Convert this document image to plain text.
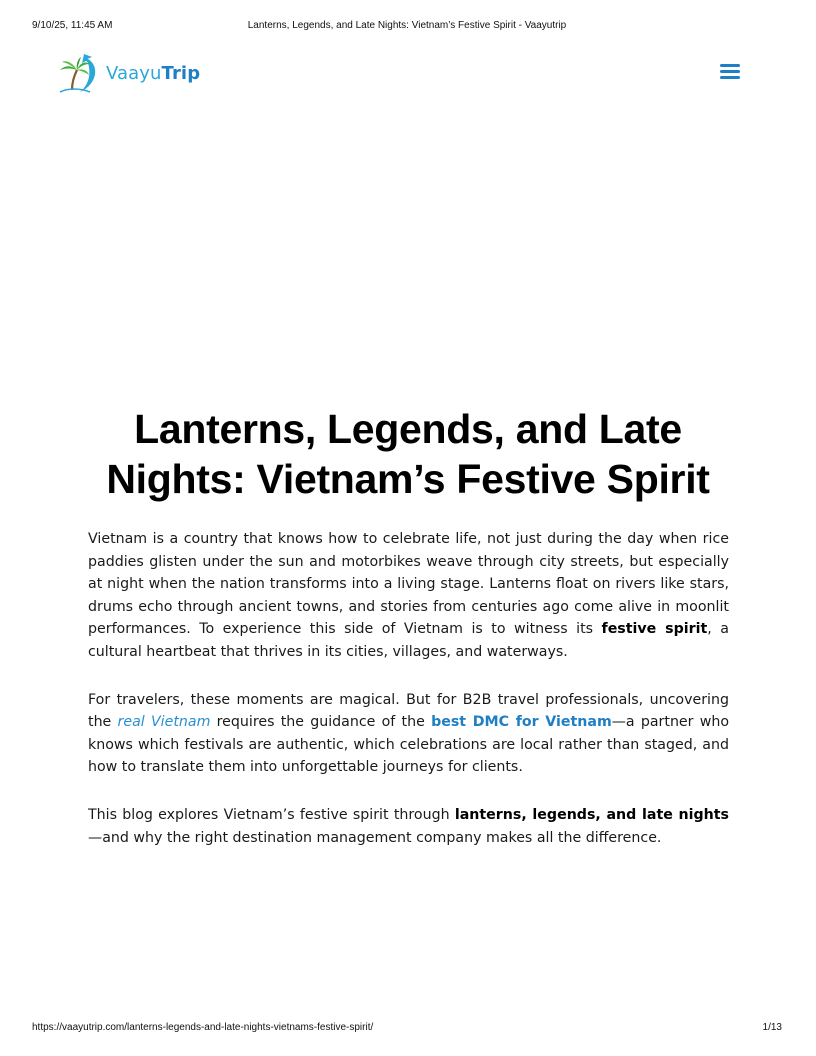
9/10/25, 11:45 AM	Lanterns, Legends, and Late Nights: Vietnam’s Festive Spirit - Vaayutrip
VaayuTrip
Lanterns, Legends, and Late Nights: Vietnam’s Festive Spirit

Vietnam is a country that knows how to celebrate life, not just during the day when rice paddies glisten under the sun and motorbikes weave through city streets, but especially at night when the nation transforms into a living stage. Lanterns float on rivers like stars, drums echo through ancient towns, and stories from centuries ago come alive in moonlit performances. To experience this side of Vietnam is to witness its festive spirit, a cultural heartbeat that thrives in its cities, villages, and waterways.

For travelers, these moments are magical. But for B2B travel professionals, uncovering the real Vietnam requires the guidance of the best DMC for Vietnam—a partner who knows which festivals are authentic, which celebrations are local rather than staged, and how to translate them into unforgettable journeys for clients.

This blog explores Vietnam’s festive spirit through lanterns, legends, and late nights—and why the right destination management company makes all the difference.

https://vaayutrip.com/lanterns-legends-and-late-nights-vietnams-festive-spirit/	1/13
